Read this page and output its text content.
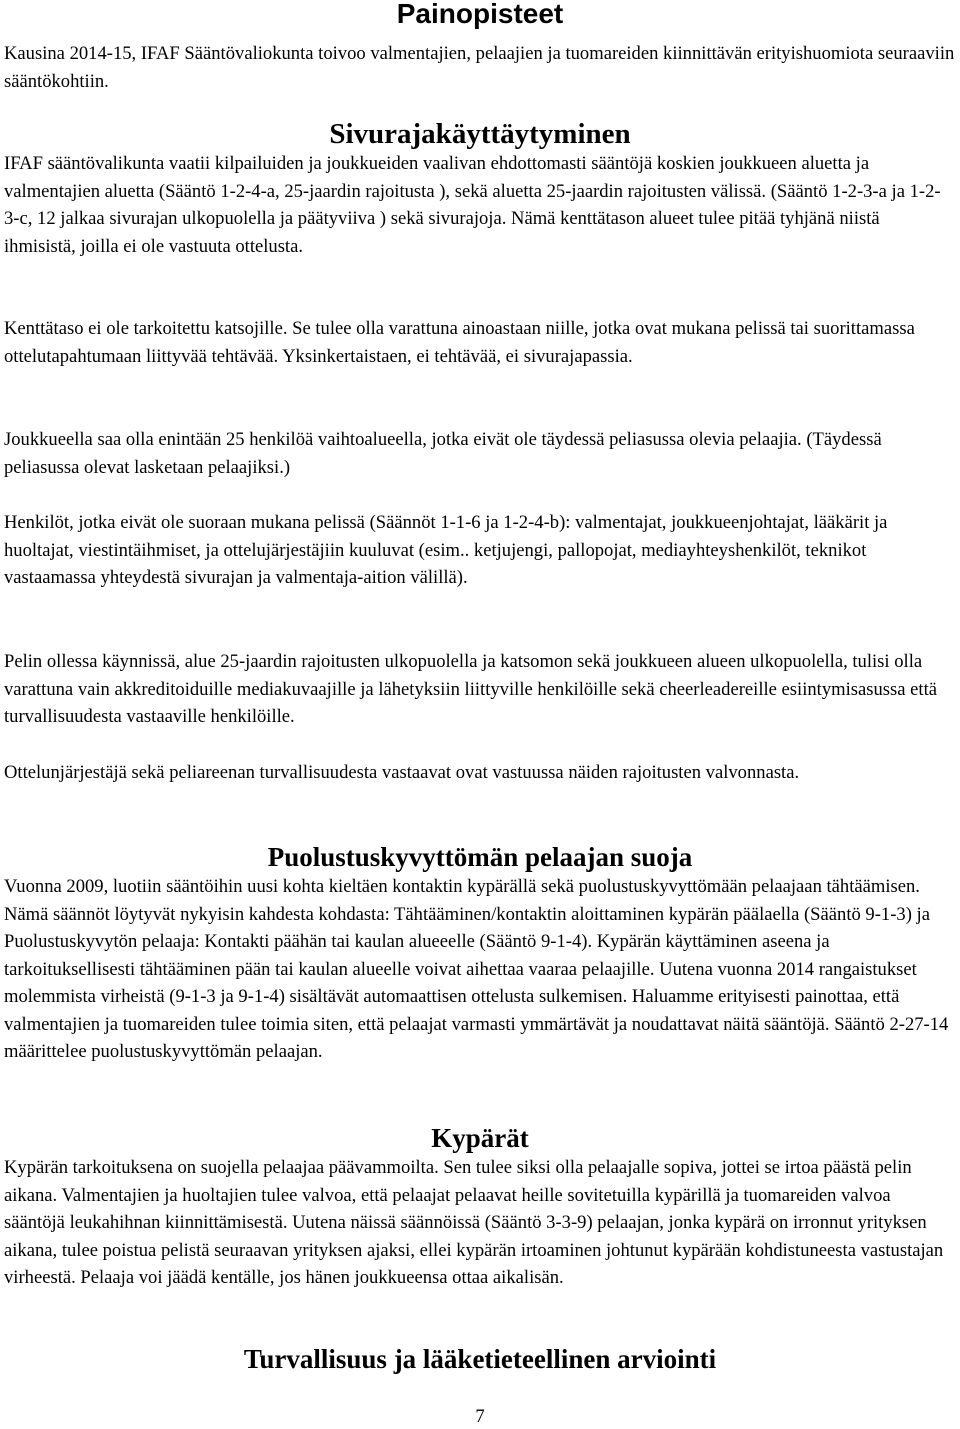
Painopisteet

Kausina 2014-15, IFAF Sääntövaliokunta toivoo valmentajien, pelaajien ja tuomareiden kiinnittävän erityishuomiota seuraaviin sääntökohtiin.

Sivurajakäyttäytyminen

IFAF sääntövalikunta vaatii kilpailuiden ja joukkueiden vaalivan ehdottomasti sääntöjä koskien joukkueen aluetta ja valmentajien aluetta (Sääntö 1-2-4-a, 25-jaardin rajoitusta ), sekä aluetta 25-jaardin rajoitusten välissä. (Sääntö 1-2-3-a ja 1-2-3-c, 12 jalkaa sivurajan ulkopuolella ja päätyviiva ) sekä sivurajoja. Nämä kenttätason alueet tulee pitää tyhjänä niistä ihmisistä, joilla ei ole vastuuta ottelusta.

Kenttätaso ei ole tarkoitettu katsojille. Se tulee olla varattuna ainoastaan niille, jotka ovat mukana pelissä tai suorittamassa ottelutapahtumaan liittyvää tehtävää. Yksinkertaistaen, ei tehtävää, ei sivurajapassia.

Joukkueella saa olla enintään 25 henkilöä vaihtoalueella, jotka eivät ole täydessä peliasussa olevia pelaajia. (Täydessä peliasussa olevat lasketaan pelaajiksi.)

Henkilöt, jotka eivät ole suoraan mukana pelissä (Säännöt 1-1-6 ja 1-2-4-b): valmentajat, joukkueenjohtajat, lääkärit ja huoltajat, viestintäihmiset, ja ottelujärjestäjiin kuuluvat (esim.. ketjujengi, pallopojat, mediayhteyshenkilöt, teknikot vastaamassa yhteydestä sivurajan ja valmentaja-aition välillä).

Pelin ollessa käynnissä, alue 25-jaardin rajoitusten ulkopuolella ja katsomon sekä joukkueen alueen ulkopuolella, tulisi olla varattuna vain akkreditoiduille mediakuvaajille ja lähetyksiin liittyville henkilöille sekä cheerleadereille esiintymisasussa että turvallisuudesta vastaaville henkilöille.

Ottelunjärjestäjä sekä peliareenan turvallisuudesta vastaavat ovat vastuussa näiden rajoitusten valvonnasta.

Puolustuskyvyttömän pelaajan suoja

Vuonna 2009, luotiin sääntöihin uusi kohta kieltäen kontaktin kypärällä sekä puolustuskyvyttömään pelaajaan tähtäämisen. Nämä säännöt löytyvät nykyisin kahdesta kohdasta: Tähtääminen/kontaktin aloittaminen kypärän päälaella (Sääntö 9-1-3) ja Puolustuskyvytön pelaaja: Kontakti päähän tai kaulan alueeelle (Sääntö 9-1-4). Kypärän käyttäminen aseena ja tarkoituksellisesti tähtääminen pään tai kaulan alueelle voivat aihettaa vaaraa pelaajille. Uutena vuonna 2014 rangaistukset molemmista virheistä (9-1-3 ja 9-1-4) sisältävät automaattisen ottelusta sulkemisen. Haluamme erityisesti painottaa, että valmentajien ja tuomareiden tulee toimia siten, että pelaajat varmasti ymmärtävät ja noudattavat näitä sääntöjä. Sääntö 2-27-14 määrittelee puolustuskyvyttömän pelaajan.

Kypärät

Kypärän tarkoituksena on suojella pelaajaa päävammoilta. Sen tulee siksi olla pelaajalle sopiva, jottei se irtoa päästä pelin aikana. Valmentajien ja huoltajien tulee valvoa, että pelaajat pelaavat heille sovitetuilla kypärillä ja tuomareiden valvoa sääntöjä leukahihnan kiinnittämisestä. Uutena näissä säännöissä (Sääntö 3-3-9) pelaajan, jonka kypärä on irronnut yrityksen aikana, tulee poistua pelistä seuraavan yrityksen ajaksi, ellei kypärän irtoaminen johtunut kypärään kohdistuneesta vastustajan virheestä. Pelaaja voi jäädä kentälle, jos hänen joukkueensa ottaa aikalisän.

Turvallisuus ja lääketieteellinen arviointi
7
